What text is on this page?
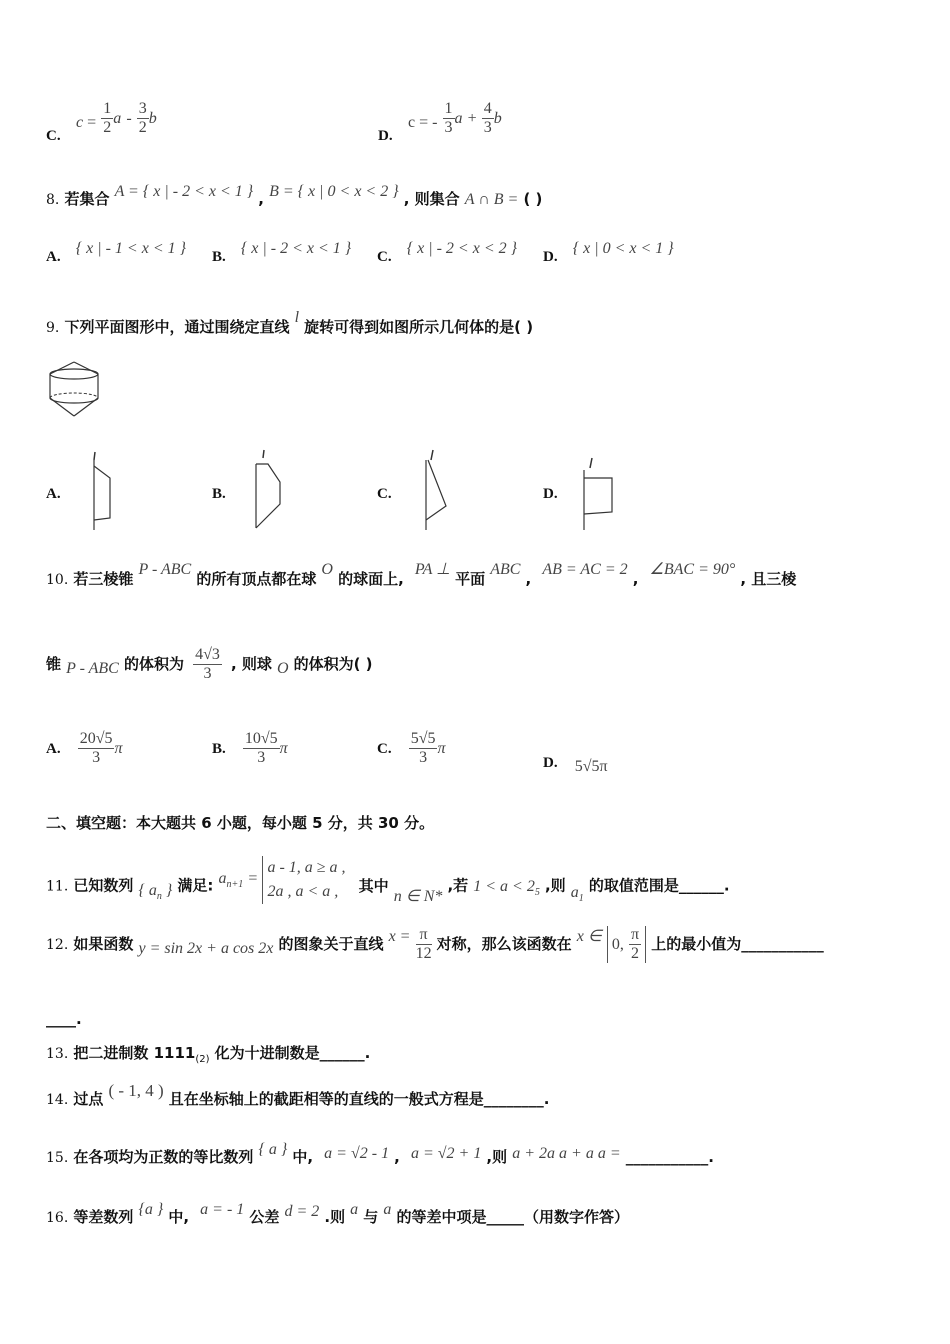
C.
$c = \frac{1}{2}$ a - $\frac{3}{2}$ b
D.
c = - $\frac{1}{3}$ $a + \frac{4}{3}$ b
8. 若集合 A = { x | - 2 < x < 1 } , B = { x | 0 < x < 2 } , 则集合 A ∩ B = ( )
A. { x | - 1 < x < 1 } B. { x | - 2 < x < 1 } C. { x | - 2 < x < 2 } D. { x | 0 < x < 1 }
9. 下列平面图形中，通过围绕定直线 l 旋转可得到如图所示几何体的是( )
A.	B.	C.	D.
10. 若三棱锥 P - ABC 的所有顶点都在球 O 的球面上, PA ⊥ 平面 ABC , AB = AC = 2 , ∠BAC = 90° , 且三棱
锥 P - ABC 的体积为 $\frac{4√3}{3}$ , 则球 O 的体积为( )
A. $\frac{20√5}{3}$ π	B. $\frac{10√5}{3}$ π	C. $\frac{5√5}{3}$ π
D. 5√5π
二、填空题：本大题共 6 小题，每小题 5 分，共 30 分。
11. 已知数列 { $a_n$ } 满足: $a_{n+1}$ =
a - 1, a ≥ a ,
2a , a < a ,	其中 n ∈ N* ,若 $1 < a < 2_5$ ,则 $a_1$ 的取值范围是______.
12. 如果函数 y = sin 2x + a cos 2x 的图象关于直线 $x = \frac{\pi}{12}$ 对称，那么该函数在 x ∈ 0, $\frac{\pi}{2}$ 上的最小值为___________
____.
13. 把二进制数 $1111_{(2)}$ 化为十进制数是______.
14. 过点 ( - 1, 4 ) 且在坐标轴上的截距相等的直线的一般式方程是________.
15. 在各项均为正数的等比数列 { a } 中, a = √2 - 1 , a = √2 + 1 ,则 a + 2a a + a a = ___________.
16. 等差数列 {a } 中, a = - 1 公差 d = 2 .则 a 与 a 的等差中项是_____（用数字作答）
